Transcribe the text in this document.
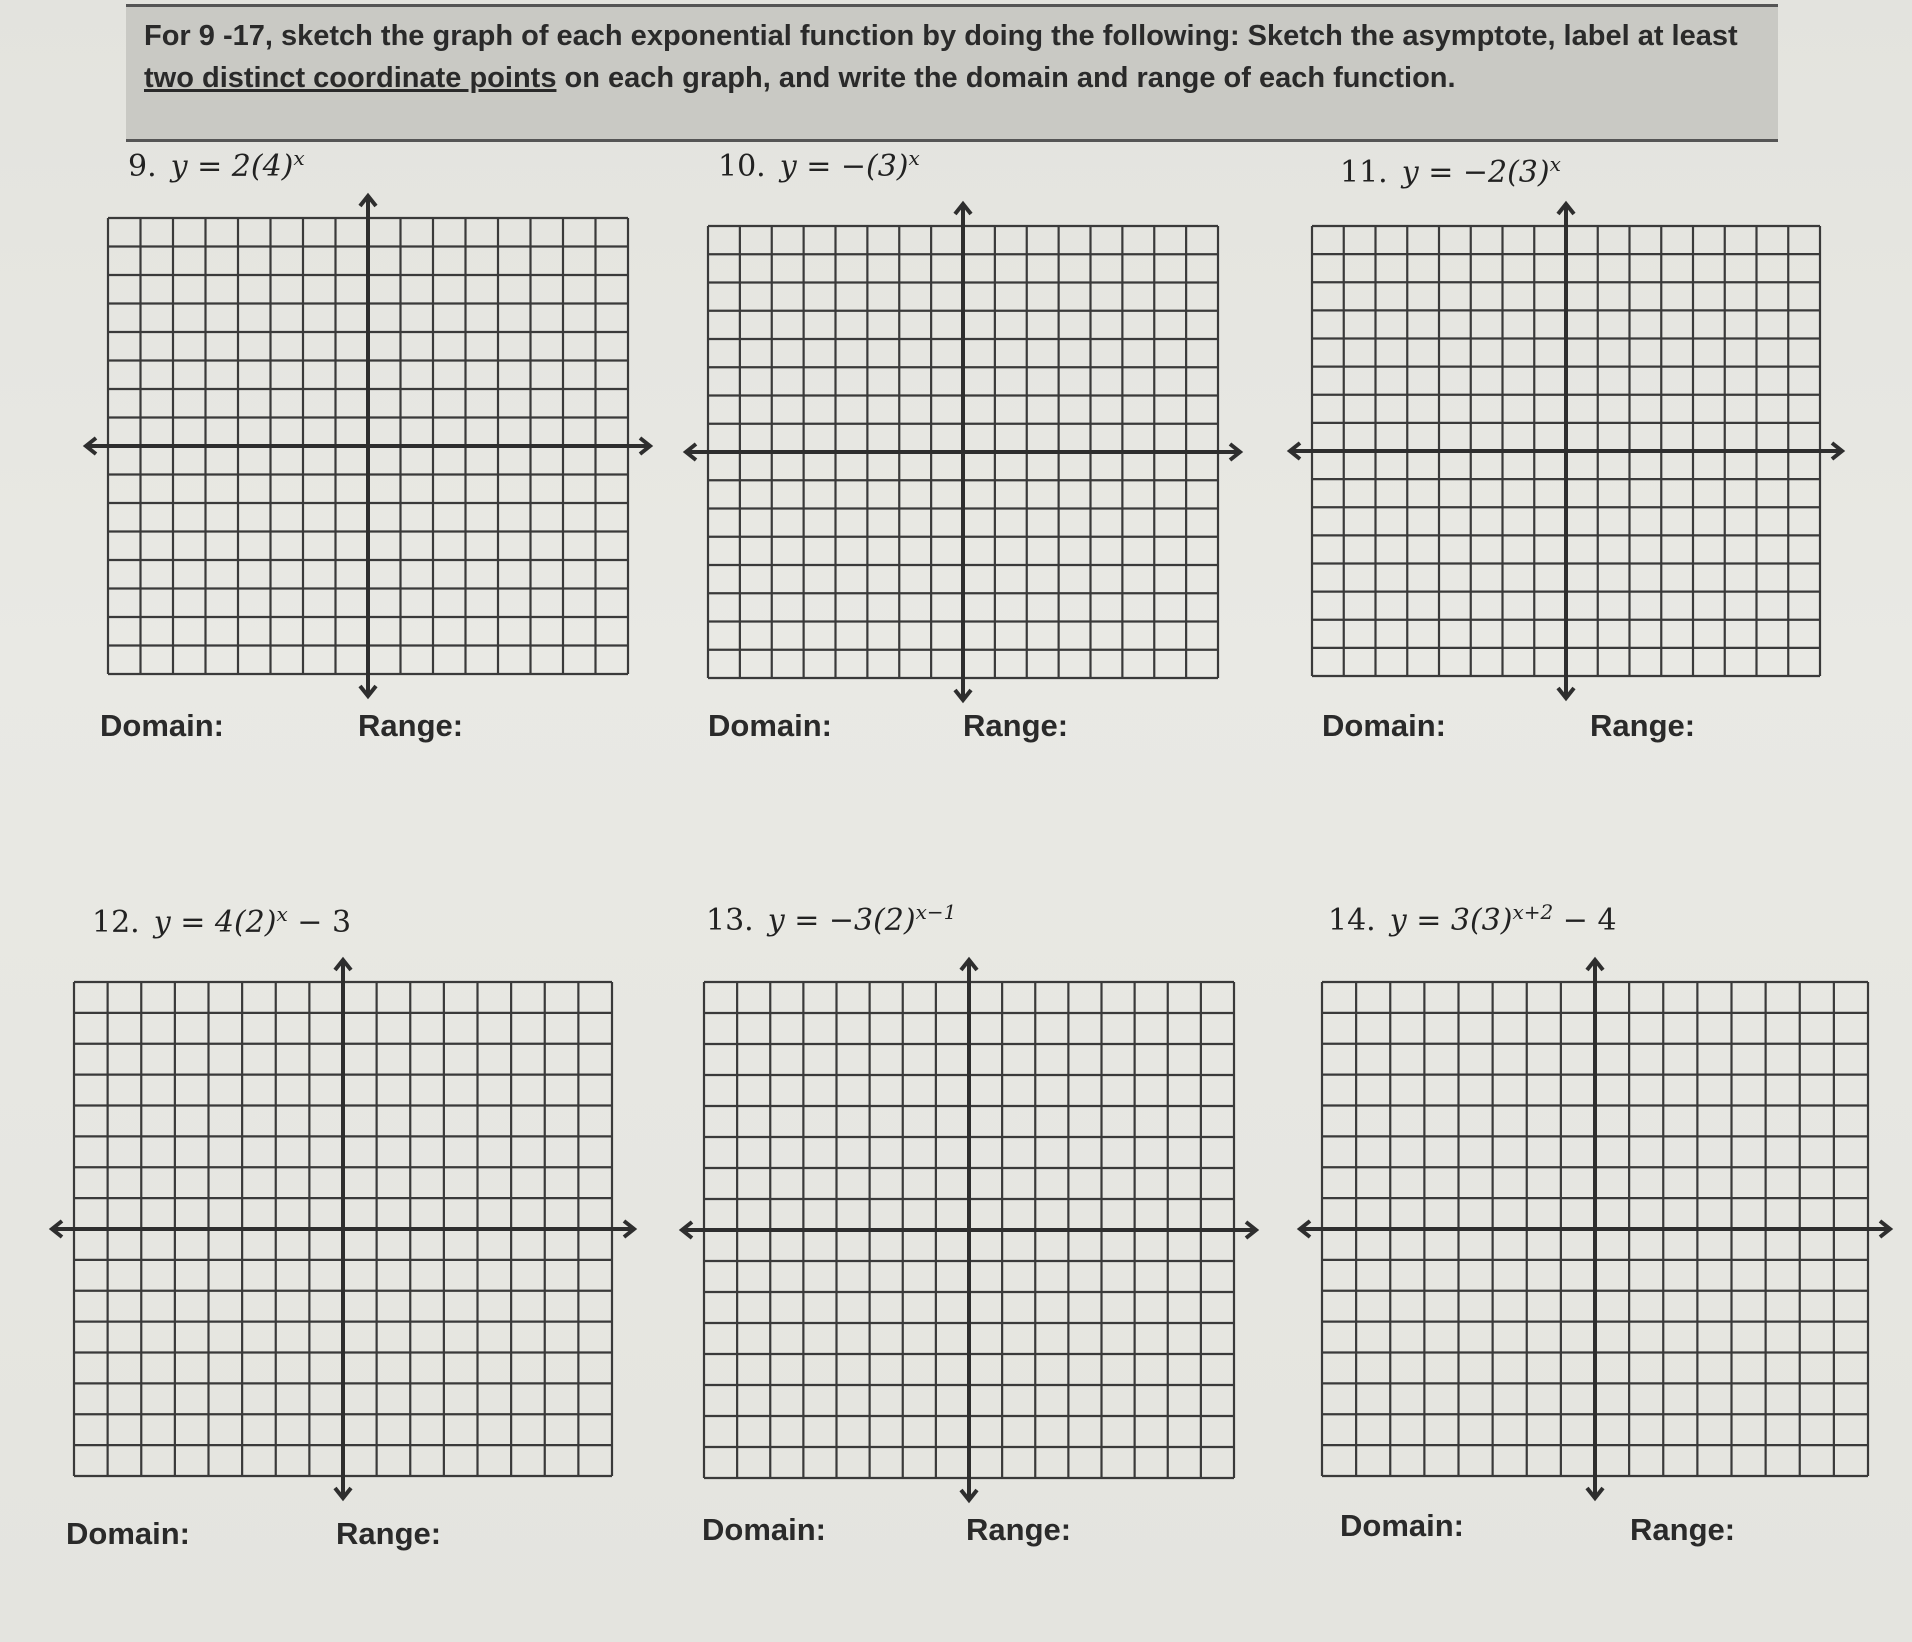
For 9 -17, sketch the graph of each exponential function by doing the following: Sketch the asymptote, label at least two distinct coordinate points on each graph, and write the domain and range of each function.
9. $y = 2(4)^x$	10. $y = -(3)^x$	11. $y = -2(3)^x$
12. $y = 4(2)^x - 3$	13. $y = -3(2)^{x-1}$	14. $y = 3(3)^{x+2} - 4$
Domain:	Range:	Domain:	Range:	Domain:	Range:
Domain:	Range:	Domain:	Range:	Domain:	Range:
